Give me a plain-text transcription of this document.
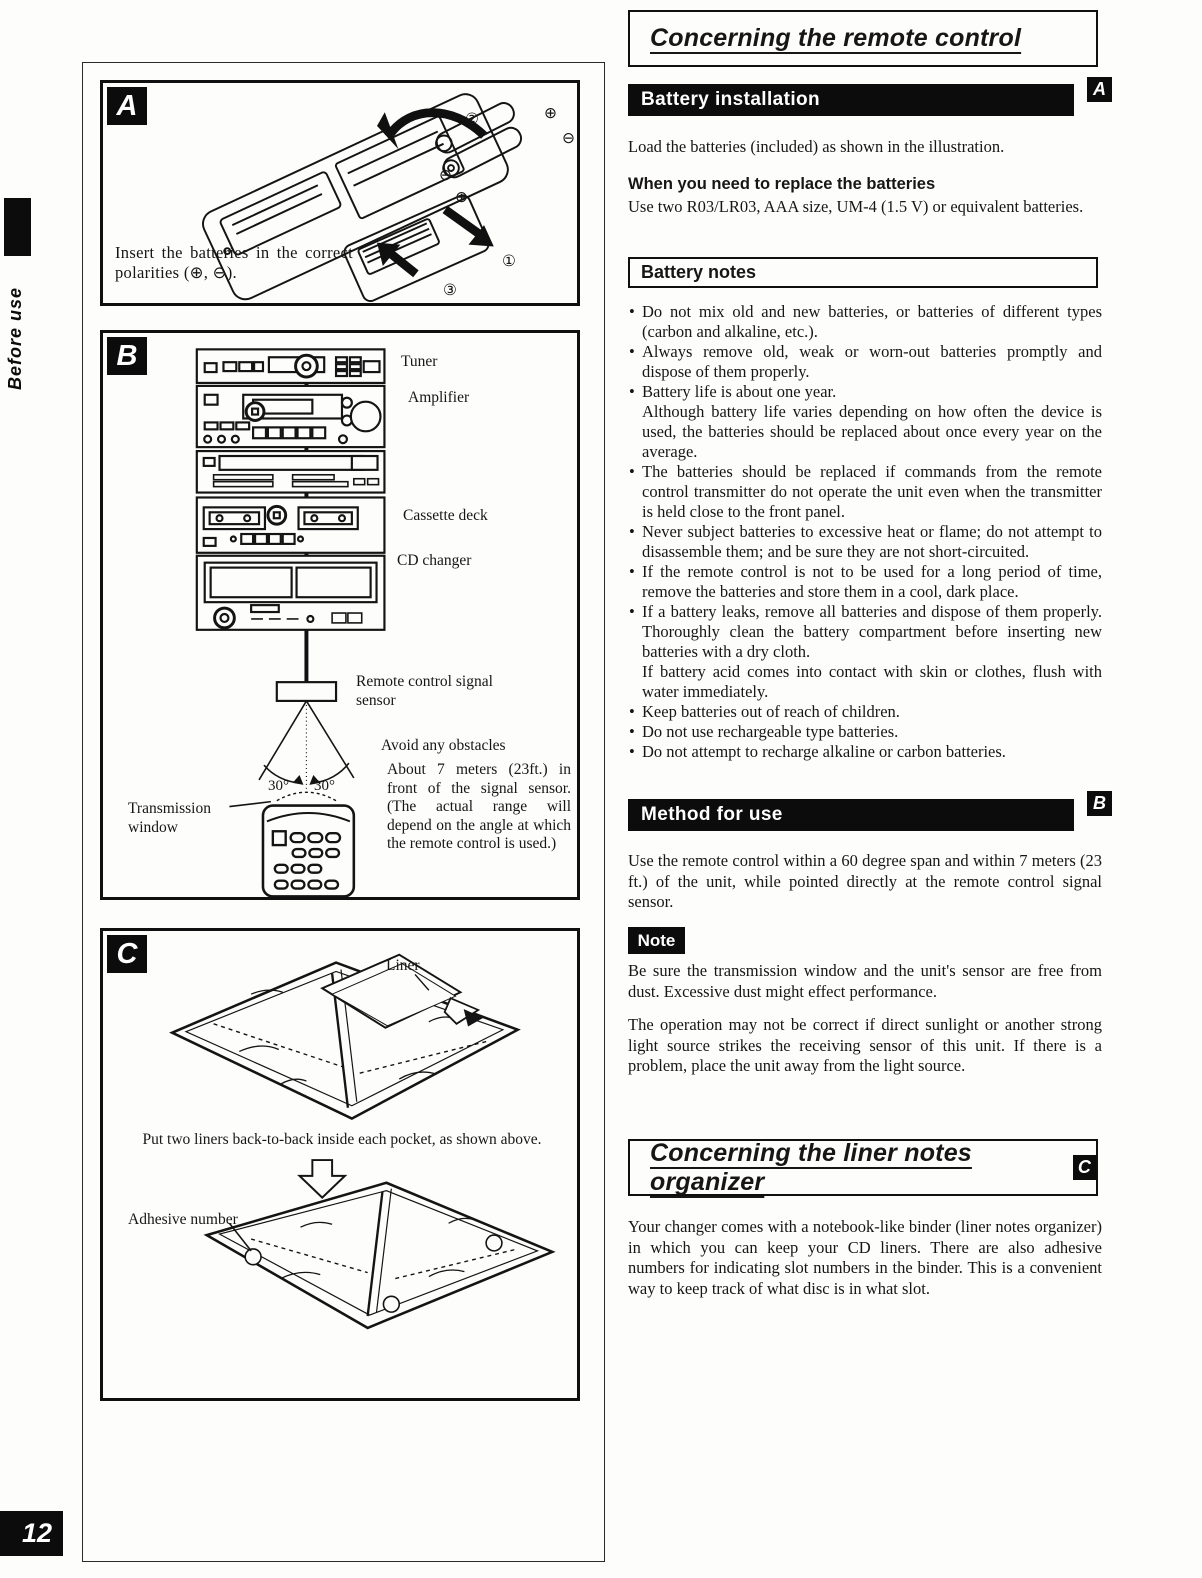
Before use
12
A	②	⊕
⊖
⊖
⊕
①
③
Insert the batteries in the correct polarities (⊕, ⊖).
B	Tuner
Amplifier
Cassette deck
CD changer
Remote control signal sensor
Avoid any obstacles
About 7 meters (23ft.) in front of the signal sensor. (The actual range will depend on the angle at which the remote control is used.)
Transmission window
30° 30°
C	Liner
Put two liners back-to-back inside each pocket, as shown above.
Adhesive number
Concerning the remote control
Battery installation	A
Load the batteries (included) as shown in the illustration.
When you need to replace the batteries
Use two R03/LR03, AAA size, UM-4 (1.5 V) or equivalent batteries.
Battery notes
• Do not mix old and new batteries, or batteries of different types (carbon and alkaline, etc.).
• Always remove old, weak or worn-out batteries promptly and dispose of them properly.
• Battery life is about one year.
Although battery life varies depending on how often the device is used, the batteries should be replaced about once every year on the average.
• The batteries should be replaced if commands from the remote control transmitter do not operate the unit even when the transmitter is held close to the front panel.
• Never subject batteries to excessive heat or flame; do not attempt to disassemble them; and be sure they are not short-circuited.
• If the remote control is not to be used for a long period of time, remove the batteries and store them in a cool, dark place.
• If a battery leaks, remove all batteries and dispose of them properly. Thoroughly clean the battery compartment before inserting new batteries with a dry cloth.
If battery acid comes into contact with skin or clothes, flush with water immediately.
• Keep batteries out of reach of children.
• Do not use rechargeable type batteries.
• Do not attempt to recharge alkaline or carbon batteries.
Method for use
B
Use the remote control within a 60 degree span and within 7 meters (23 ft.) of the unit, while pointed directly at the remote control signal sensor.
Note
Be sure the transmission window and the unit's sensor are free from dust. Excessive dust might effect performance.
The operation may not be correct if direct sunlight or another strong light source strikes the receiving sensor of this unit. If there is a problem, place the unit away from the light source.
Concerning the liner notes organizer
C
Your changer comes with a notebook-like binder (liner notes organizer) in which you can keep your CD liners. There are also adhesive numbers for indicating slot numbers in the binder. This is a convenient way to keep track of what disc is in what slot.
